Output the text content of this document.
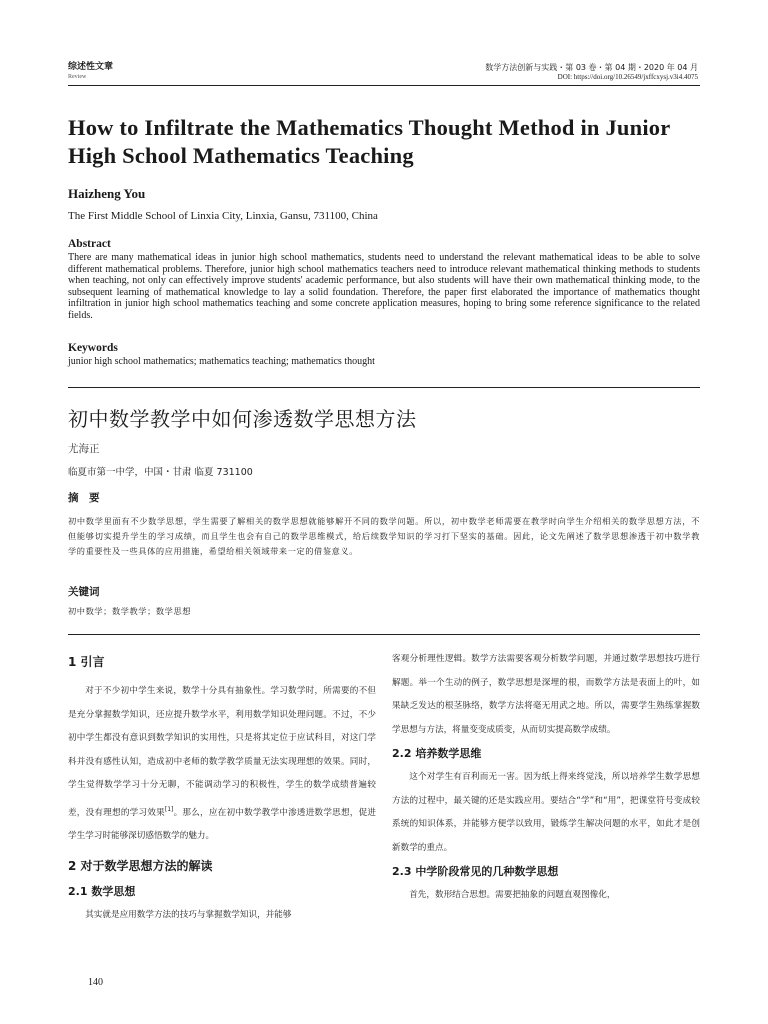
综述性文章
Review
数学方法创新与实践・第 03 卷・第 04 期・2020 年 04 月
DOI: https://doi.org/10.26549/jxffcxysj.v3i4.4075
How to Infiltrate the Mathematics Thought Method in Junior High School Mathematics Teaching
Haizheng You
The First Middle School of Linxia City, Linxia, Gansu, 731100, China
Abstract
There are many mathematical ideas in junior high school mathematics, students need to understand the relevant mathematical ideas to be able to solve different mathematical problems. Therefore, junior high school mathematics teachers need to introduce relevant mathematical thinking methods to students when teaching, not only can effectively improve students' academic performance, but also students will have their own mathematical thinking mode, to the subsequent learning of mathematical knowledge to lay a solid foundation. Therefore, the paper first elaborated the importance of mathematics thought infiltration in junior high school mathematics teaching and some concrete application measures, hoping to bring some reference significance to the related fields.
Keywords
junior high school mathematics; mathematics teaching; mathematics thought
初中数学教学中如何渗透数学思想方法
尤海正
临夏市第一中学，中国・甘肃 临夏 731100
摘　要
初中数学里面有不少数学思想，学生需要了解相关的数学思想就能够解开不同的数学问题。所以，初中数学老师需要在教学时向学生介绍相关的数学思想方法，不但能够切实提升学生的学习成绩，而且学生也会有自己的数学思维模式，给后续数学知识的学习打下坚实的基础。因此，论文先阐述了数学思想渗透于初中数学教学的重要性及一些具体的应用措施，希望给相关领域带来一定的借鉴意义。
关键词
初中数学；数学教学；数学思想
1 引言

对于不少初中学生来说，数学十分具有抽象性。学习数学时，所需要的不但是充分掌握数学知识，还应提升数学水平，利用数学知识处理问题。不过，不少初中学生都没有意识到数学知识的实用性，只是将其定位于应试科目，对这门学科并没有感性认知，造成初中老师的数学教学质量无法实现理想的效果。同时，学生觉得数学学习十分无聊，不能调动学习的积极性，学生的数学成绩普遍较差，没有理想的学习效果[1]。那么，应在初中数学教学中渗透进数学思想，促进学生学习时能够深切感悟数学的魅力。

2 对于数学思想方法的解读
2.1 数学思想

其实就是应用数学方法的技巧与掌握数学知识，并能够

客观分析理性逻辑。数学方法需要客观分析数学问题，并通过数学思想技巧进行解题。举一个生动的例子，数学思想是深埋的根，而数学方法是表面上的叶，如果缺乏发达的根茎脉络，数学方法将毫无用武之地。所以，需要学生熟练掌握数学思想与方法，将量变变成质变，从而切实提高数学成绩。

2.2 培养数学思维

这个对学生有百利而无一害。因为纸上得来终觉浅，所以培养学生数学思想方法的过程中，最关键的还是实践应用。要结合“学”和“用”，把课堂符号变成较系统的知识体系，并能够方便学以致用，锻炼学生解决问题的水平，如此才是创新数学的重点。

2.3 中学阶段常见的几种数学思想

首先，数形结合思想。需要把抽象的问题直观图像化，

140
